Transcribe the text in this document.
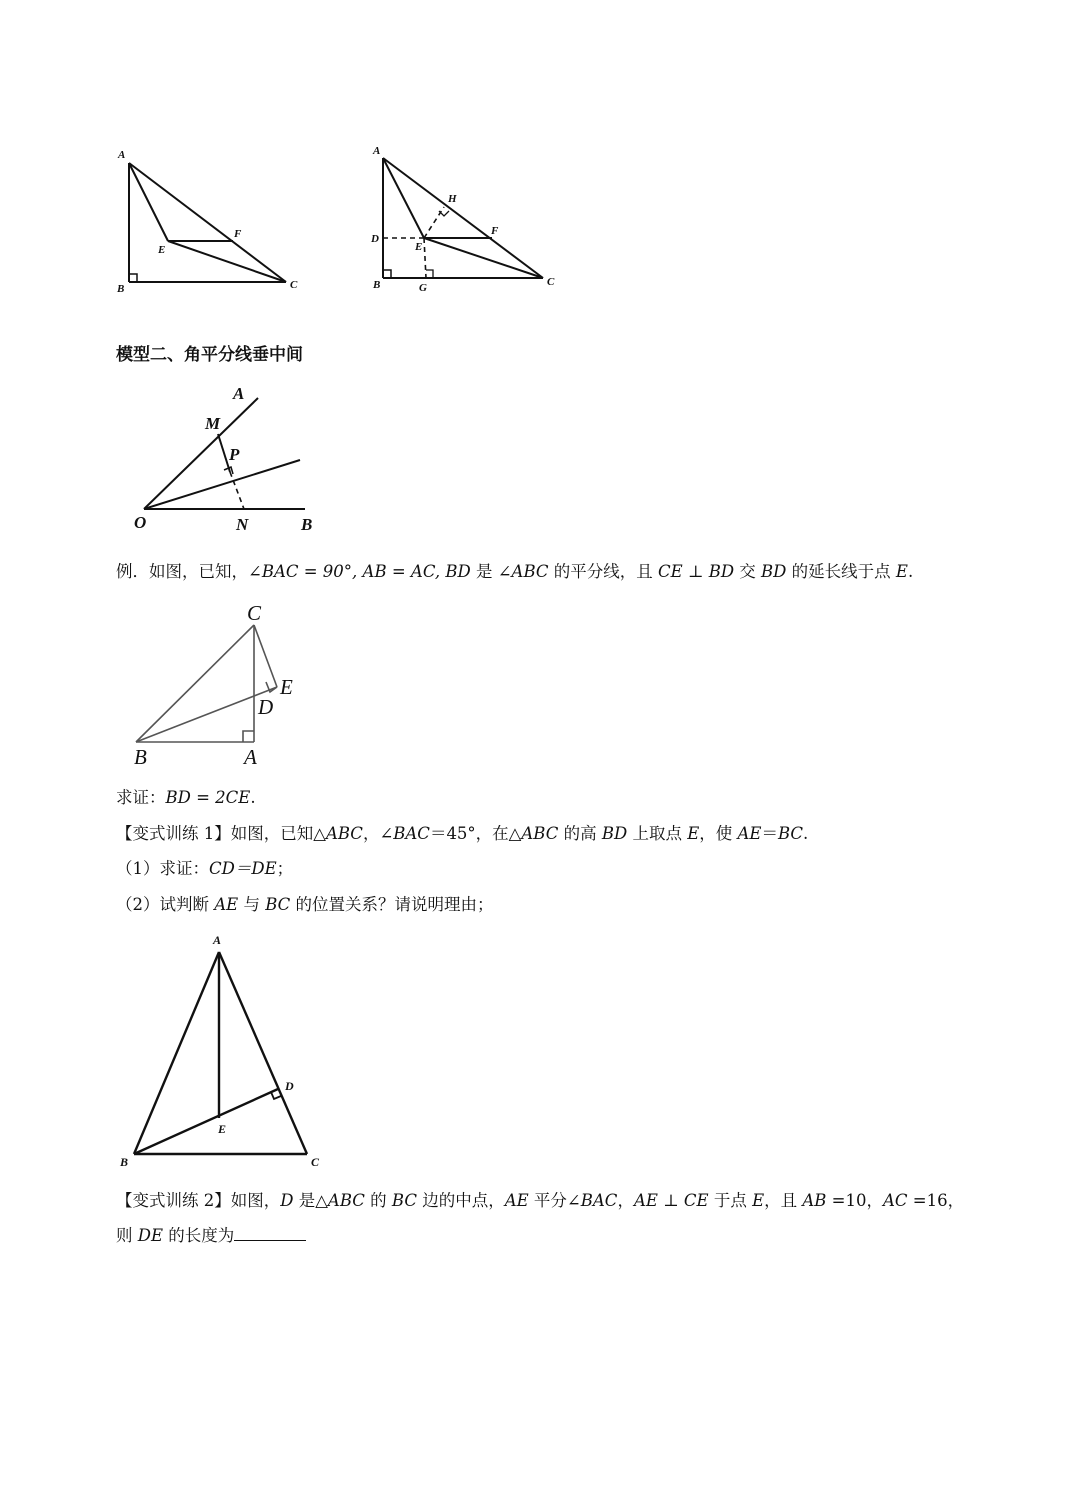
A
B	C
E
F
A
H
D
E
F
B	G	C
模型二、角平分线垂中间
A
M
P
O	N	B
例．如图，已知，∠BAC = 90°, AB = AC, BD 是 ∠ABC 的平分线，且 CE ⊥ BD 交 BD 的延长线于点 E.
C
E
D
B	A
求证：BD = 2CE.
【变式训练 1】如图，已知△ABC，∠BAC＝45°，在△ABC 的高 BD 上取点 E，使 AE＝BC.
（1）求证：CD＝DE；
（2）试判断 AE 与 BC 的位置关系？请说明理由；
A
D
E
B	C
【变式训练 2】如图，D 是△ABC 的 BC 边的中点，AE 平分∠BAC，AE ⊥ CE 于点 E，且 AB =10，AC =16，
则 DE 的长度为
